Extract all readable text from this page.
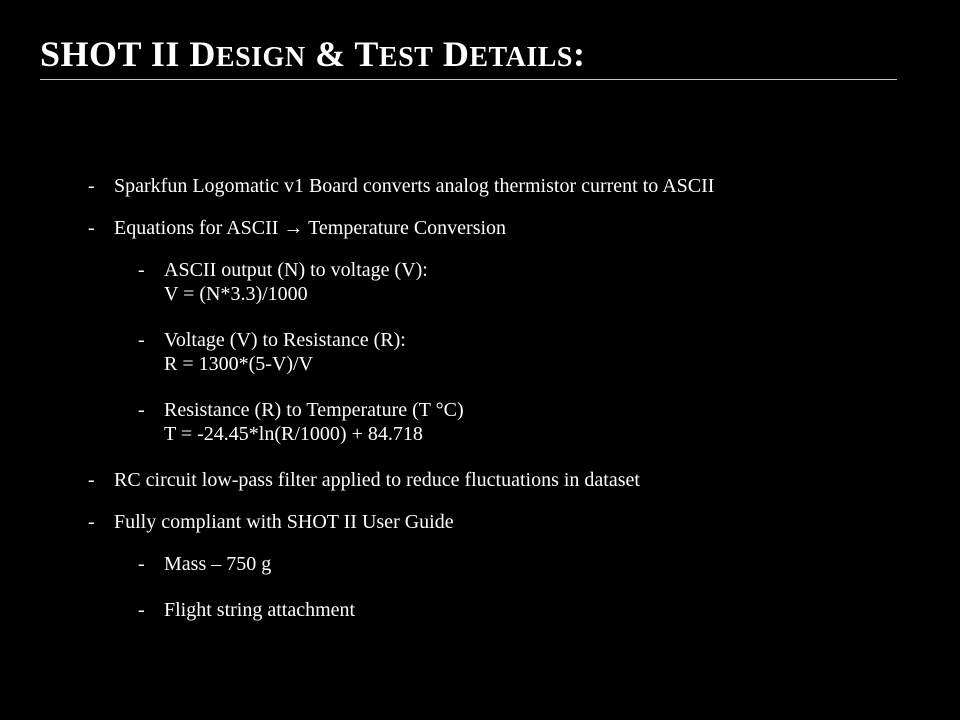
SHOT II DESIGN & TEST DETAILS:
- Sparkfun Logomatic v1 Board converts analog thermistor current to ASCII
- Equations for ASCII → Temperature Conversion
- ASCII output (N) to voltage (V):
V = (N*3.3)/1000
- Voltage (V) to Resistance (R):
R = 1300*(5-V)/V
- Resistance (R) to Temperature (T °C)
T = -24.45*ln(R/1000) + 84.718
- RC circuit low-pass filter applied to reduce fluctuations in dataset
- Fully compliant with SHOT II User Guide
- Mass – 750 g
- Flight string attachment
